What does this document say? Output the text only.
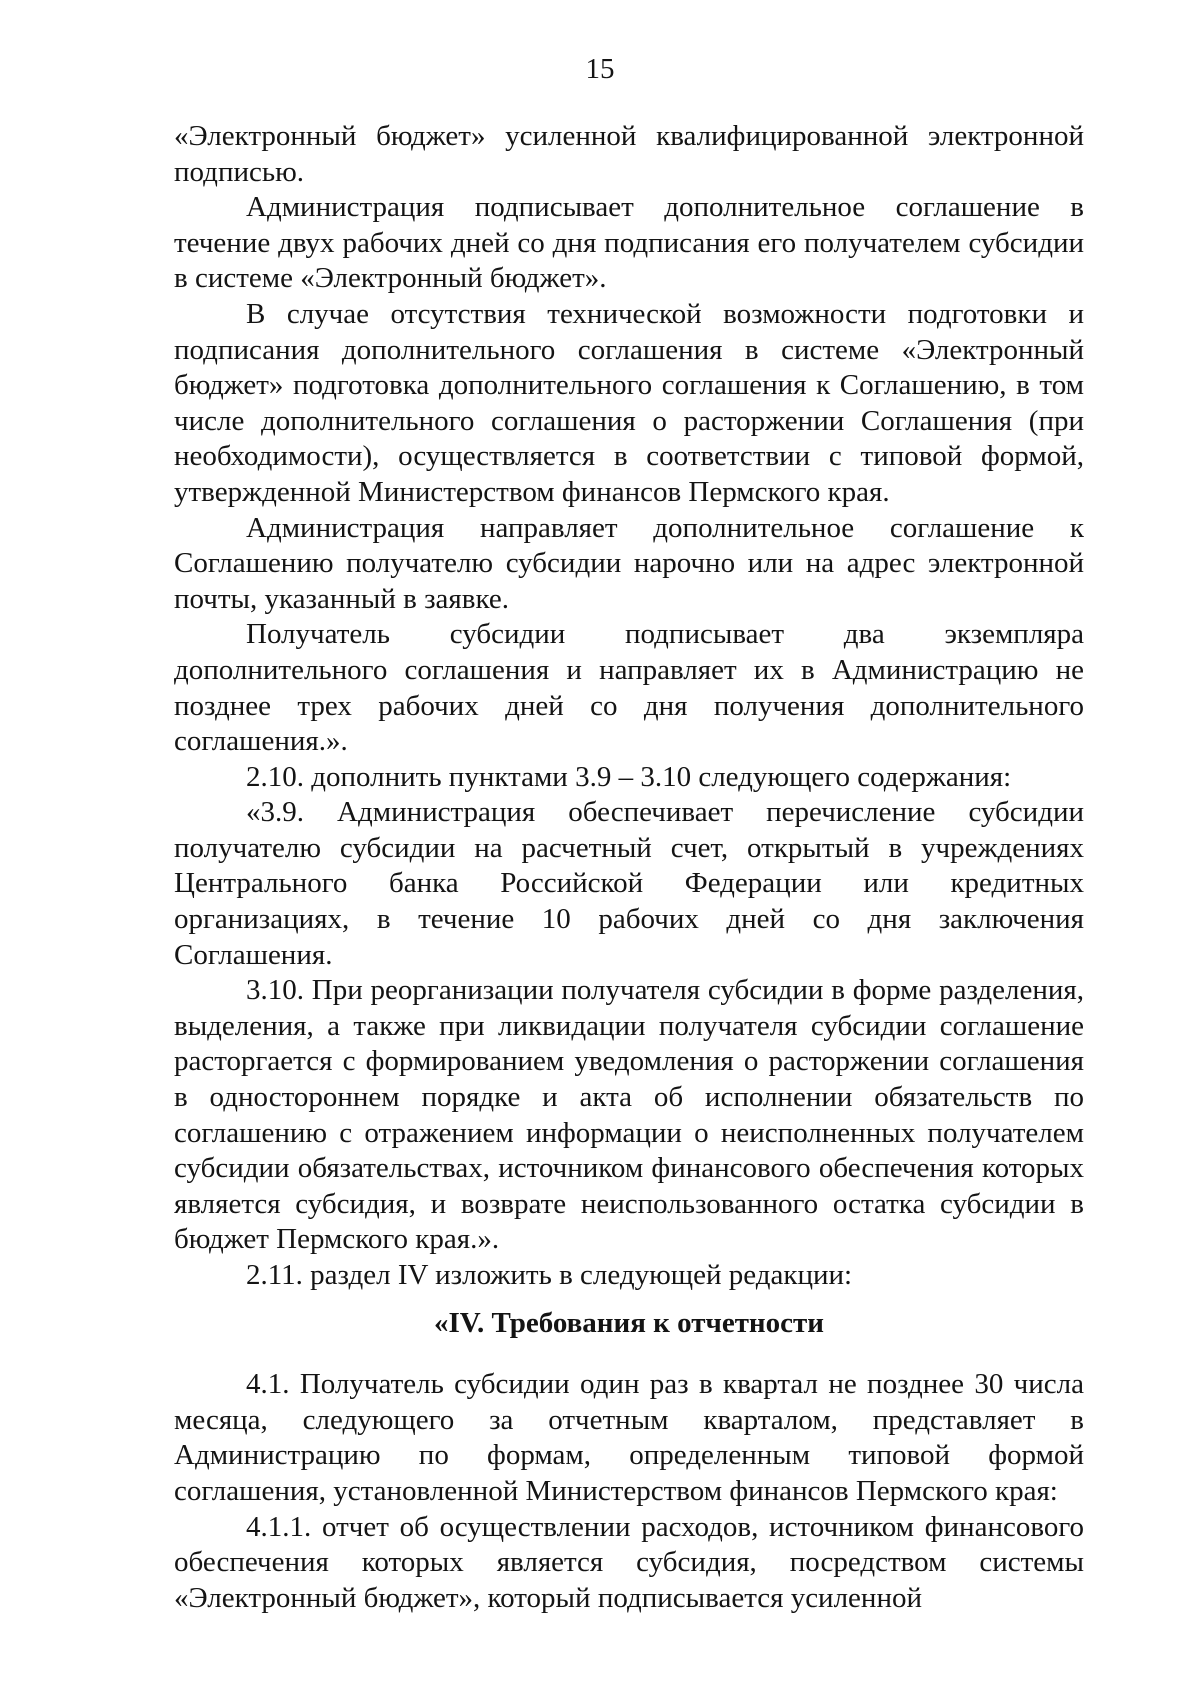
15

«Электронный бюджет» усиленной квалифицированной электронной подписью.

Администрация подписывает дополнительное соглашение в течение двух рабочих дней со дня подписания его получателем субсидии в системе «Электронный бюджет».

В случае отсутствия технической возможности подготовки и подписания дополнительного соглашения в системе «Электронный бюджет» подготовка дополнительного соглашения к Соглашению, в том числе дополнительного соглашения о расторжении Соглашения (при необходимости), осуществляется в соответствии с типовой формой, утвержденной Министерством финансов Пермского края.

Администрация направляет дополнительное соглашение к Соглашению получателю субсидии нарочно или на адрес электронной почты, указанный в заявке.

Получатель субсидии подписывает два экземпляра дополнительного соглашения и направляет их в Администрацию не позднее трех рабочих дней со дня получения дополнительного соглашения.».

2.10. дополнить пунктами 3.9 – 3.10 следующего содержания:

«3.9. Администрация обеспечивает перечисление субсидии получателю субсидии на расчетный счет, открытый в учреждениях Центрального банка Российской Федерации или кредитных организациях, в течение 10 рабочих дней со дня заключения Соглашения.

3.10. При реорганизации получателя субсидии в форме разделения, выделения, а также при ликвидации получателя субсидии соглашение расторгается с формированием уведомления о расторжении соглашения в одностороннем порядке и акта об исполнении обязательств по соглашению с отражением информации о неисполненных получателем субсидии обязательствах, источником финансового обеспечения которых является субсидия, и возврате неиспользованного остатка субсидии в бюджет Пермского края.».

2.11. раздел IV изложить в следующей редакции:

«IV. Требования к отчетности

4.1. Получатель субсидии один раз в квартал не позднее 30 числа месяца, следующего за отчетным кварталом, представляет в Администрацию по формам, определенным типовой формой соглашения, установленной Министерством финансов Пермского края:

4.1.1. отчет об осуществлении расходов, источником финансового обеспечения которых является субсидия, посредством системы «Электронный бюджет», который подписывается усиленной
